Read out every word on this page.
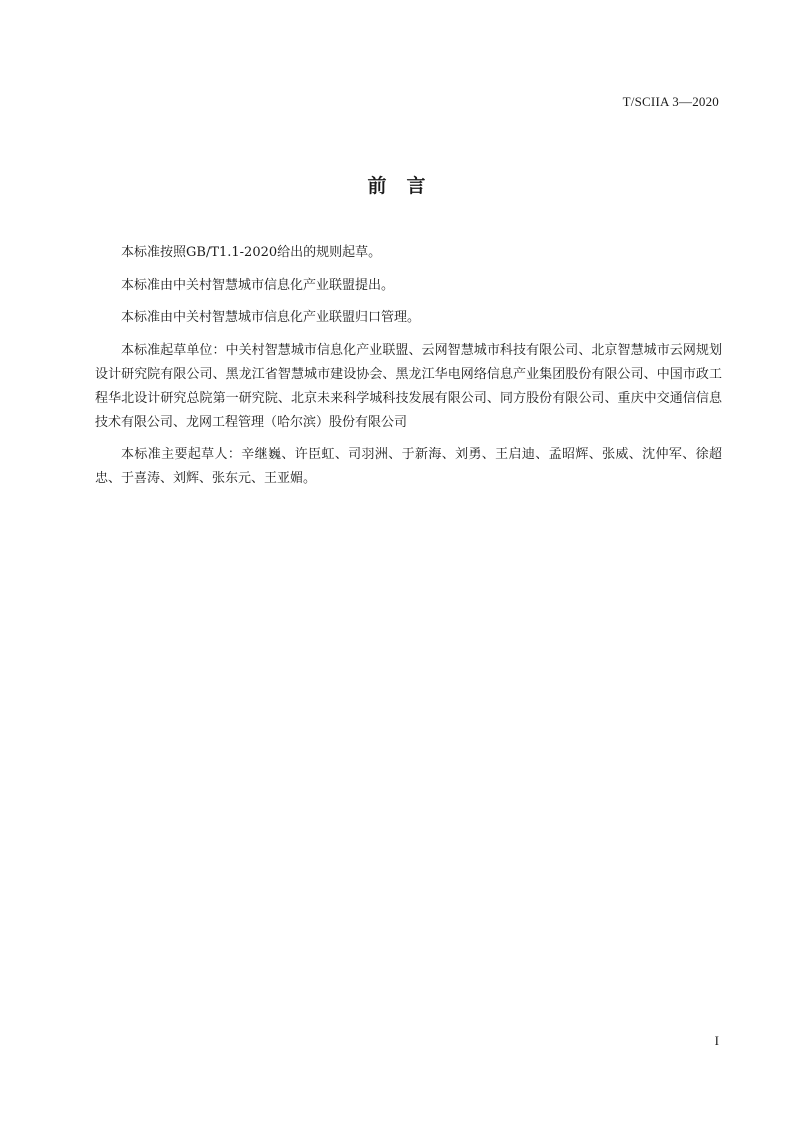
T/SCIIA 3—2020
前言

本标准按照GB/T1.1-2020给出的规则起草。

本标准由中关村智慧城市信息化产业联盟提出。

本标准由中关村智慧城市信息化产业联盟归口管理。

本标准起草单位：中关村智慧城市信息化产业联盟、云网智慧城市科技有限公司、北京智慧城市云网规划设计研究院有限公司、黑龙江省智慧城市建设协会、黑龙江华电网络信息产业集团股份有限公司、中国市政工程华北设计研究总院第一研究院、北京未来科学城科技发展有限公司、同方股份有限公司、重庆中交通信信息技术有限公司、龙网工程管理（哈尔滨）股份有限公司

本标准主要起草人：辛继巍、许臣虹、司羽洲、于新海、刘勇、王启迪、孟昭辉、张威、沈仲军、徐超忠、于喜涛、刘辉、张东元、王亚媚。

I
